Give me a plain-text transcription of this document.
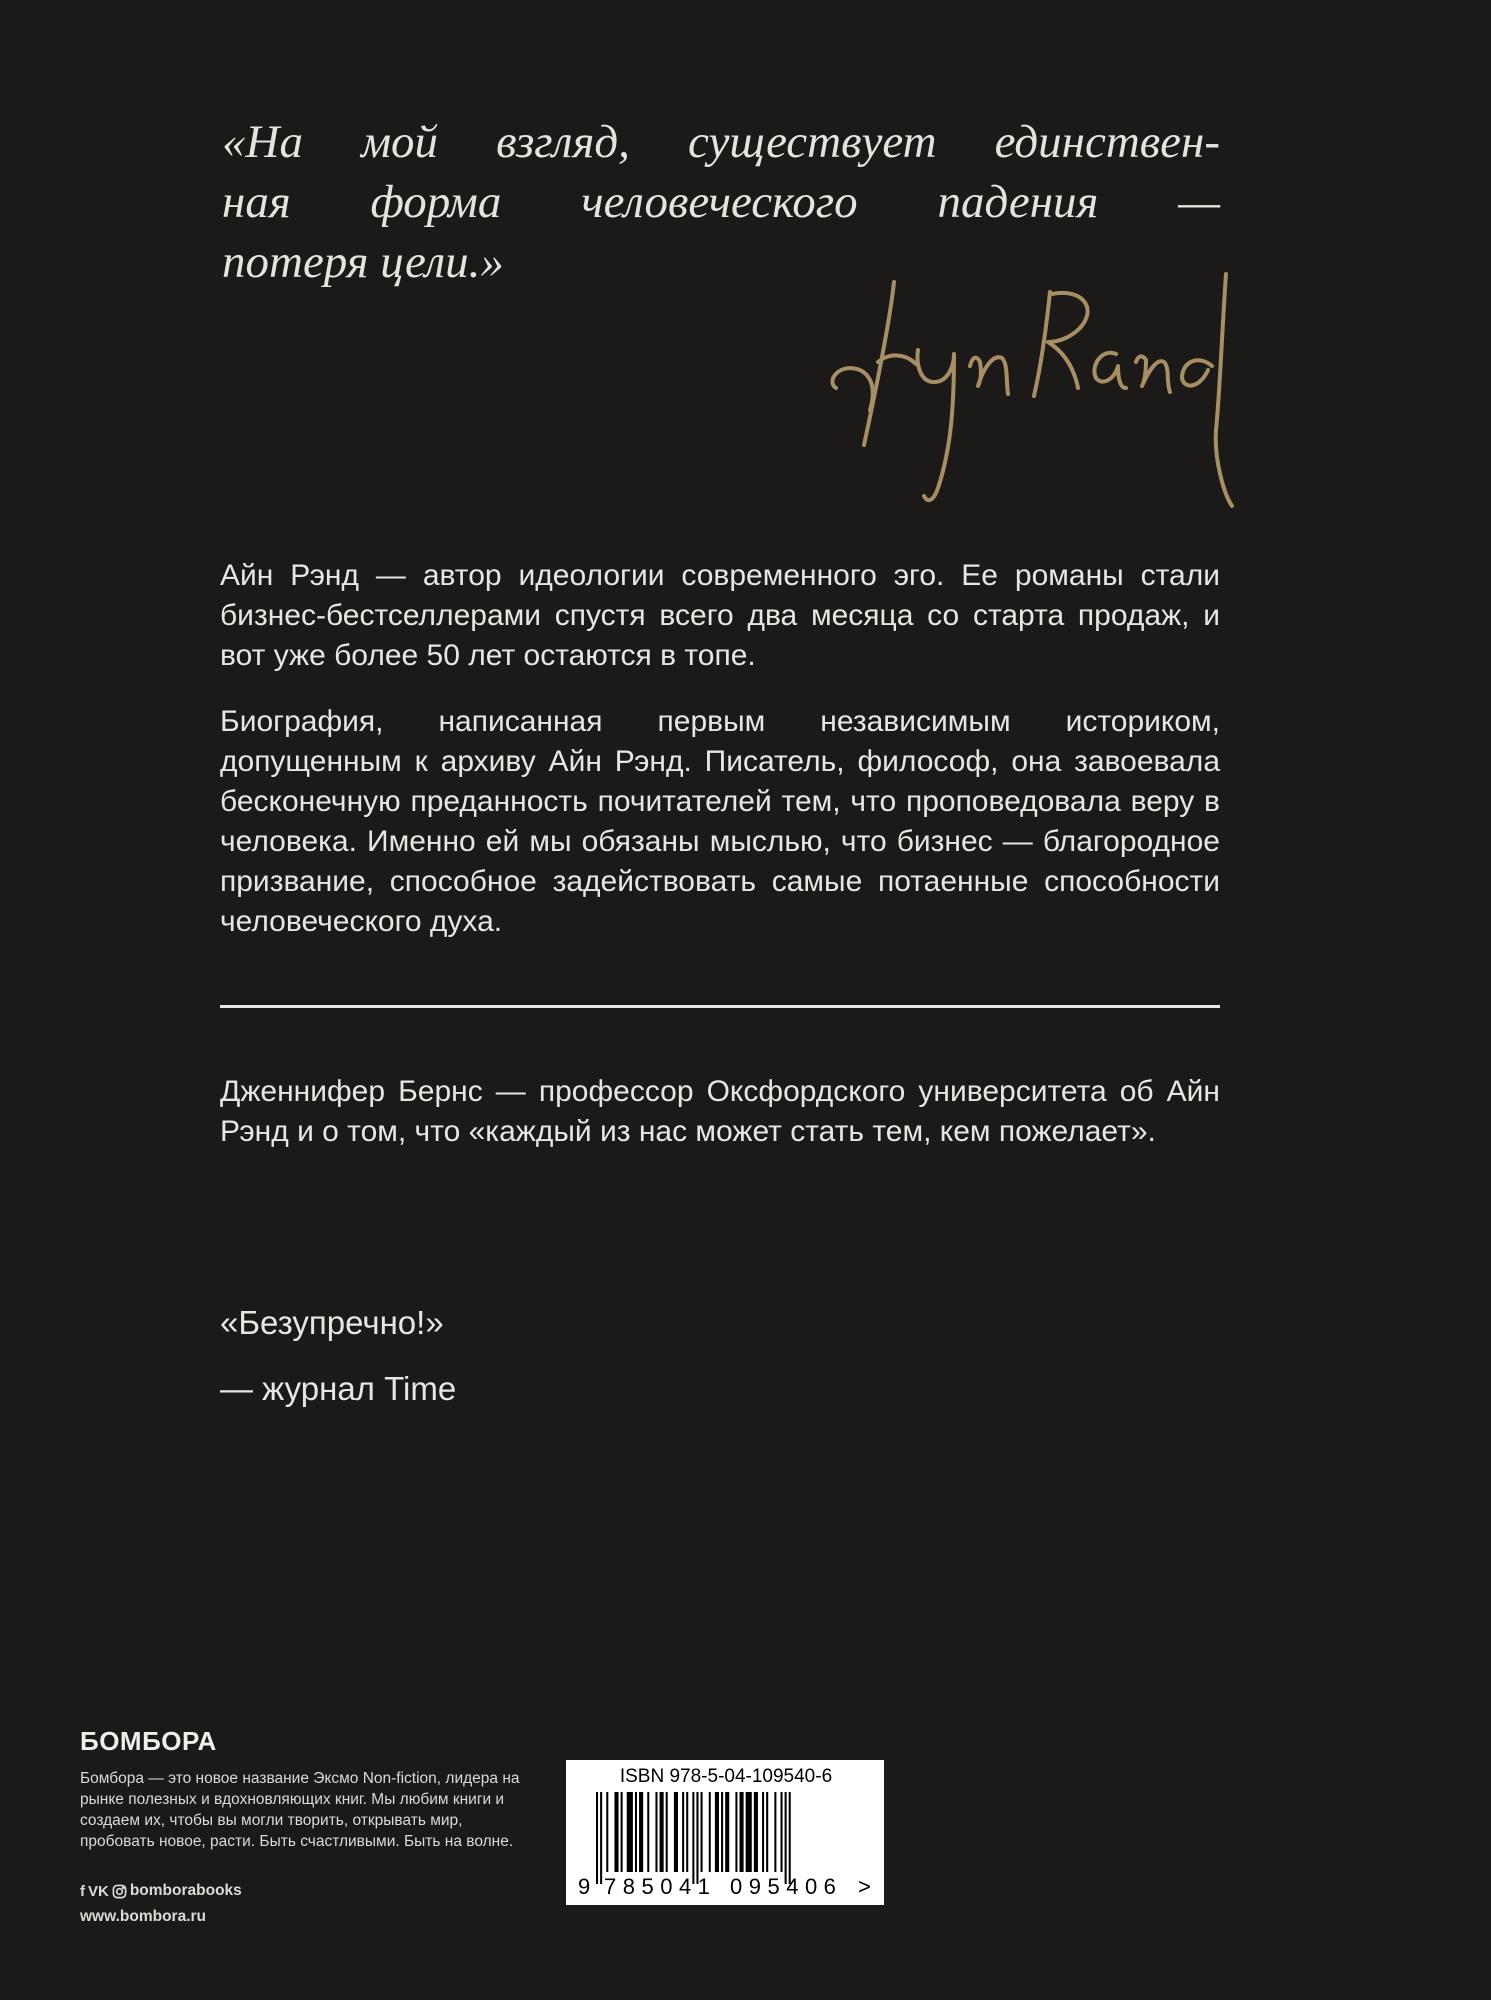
«На мой взгляд, существует единствен-
ная форма человеческого падения —
потеря цели.»

Айн Рэнд — автор идеологии современного эго. Ее романы стали бизнес-бестселлерами спустя всего два месяца со старта продаж, и вот уже более 50 лет остаются в топе.

Биография, написанная первым независимым историком, допущенным к архиву Айн Рэнд. Писатель, философ, она завоевала бесконечную преданность почитателей тем, что проповедовала веру в человека. Именно ей мы обязаны мыслью, что бизнес — благородное призвание, способное задействовать самые потаенные способности человеческого духа.

Дженнифер Бернс — профессор Оксфордского университета об Айн Рэнд и о том, что «каждый из нас может стать тем, кем пожелает».

«Безупречно!»

— журнал Time

БОМБОРА

Бомбора — это новое название Эксмо Non-fiction, лидера на рынке полезных и вдохновляющих книг. Мы любим книги и создаем их, чтобы вы могли творить, открывать мир, пробовать новое, расти. Быть счастливыми. Быть на волне.

f VK bomborabooks
www.bombora.ru
ISBN 978-5-04-109540-6
9 785041 095406 >
